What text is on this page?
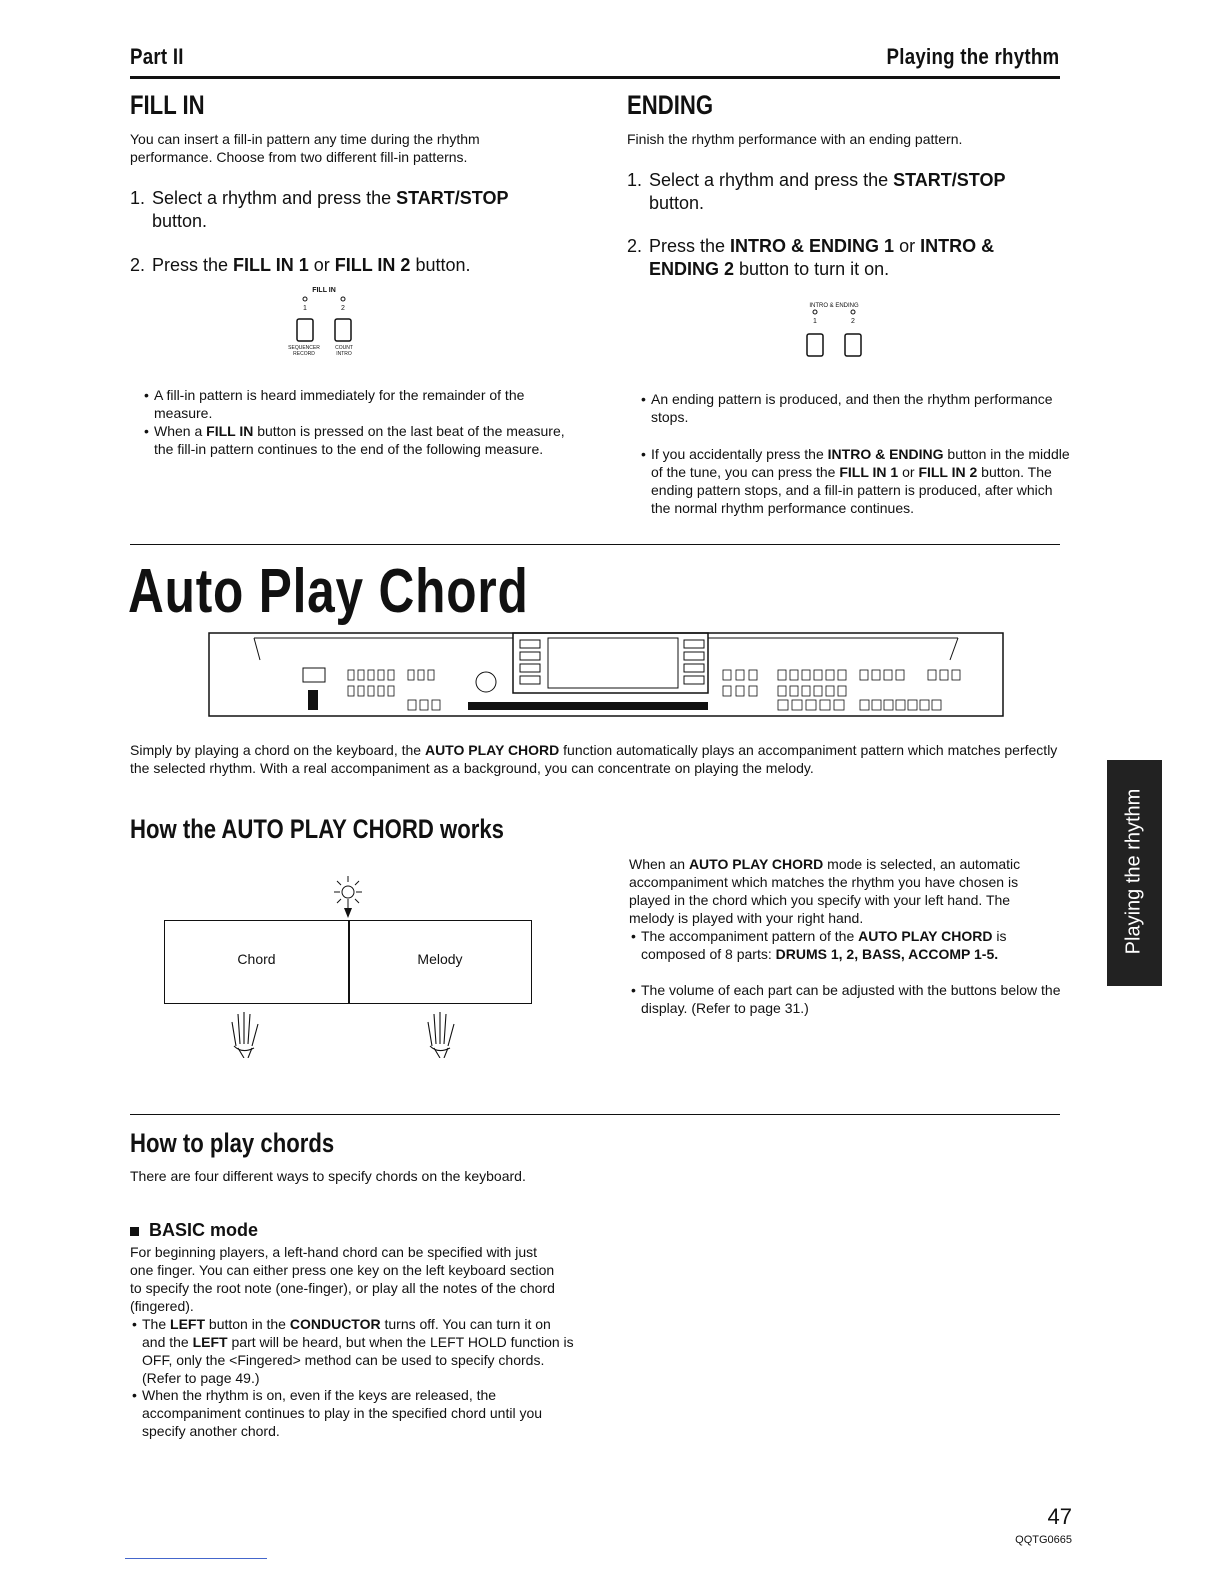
Part II	Playing the rhythm
FILL IN
You can insert a fill-in pattern any time during the rhythm performance. Choose from two different fill-in patterns.
1. Select a rhythm and press the START/STOP button.
2. Press the FILL IN 1 or FILL IN 2 button.
FILL IN
1	2
SEQUENCER RECORD
COUNT INTRO
• A fill-in pattern is heard immediately for the remainder of the measure.
• When a FILL IN button is pressed on the last beat of the measure, the fill-in pattern continues to the end of the following measure.
ENDING
Finish the rhythm performance with an ending pattern.
1. Select a rhythm and press the START/STOP button.
2. Press the INTRO & ENDING 1 or INTRO & ENDING 2 button to turn it on.
INTRO & ENDING
1	2
• An ending pattern is produced, and then the rhythm performance stops.
• If you accidentally press the INTRO & ENDING button in the middle of the tune, you can press the FILL IN 1 or FILL IN 2 button. The ending pattern stops, and a fill-in pattern is produced, after which the normal rhythm performance continues.
Auto Play Chord
Simply by playing a chord on the keyboard, the AUTO PLAY CHORD function automatically plays an accompaniment pattern which matches perfectly the selected rhythm. With a real accompaniment as a background, you can concentrate on playing the melody.
How the AUTO PLAY CHORD works
Chord	Melody
When an AUTO PLAY CHORD mode is selected, an automatic accompaniment which matches the rhythm you have chosen is played in the chord which you specify with your left hand. The melody is played with your right hand.
• The accompaniment pattern of the AUTO PLAY CHORD is composed of 8 parts: DRUMS 1, 2, BASS, ACCOMP 1-5.
• The volume of each part can be adjusted with the buttons below the display. (Refer to page 31.)
How to play chords
There are four different ways to specify chords on the keyboard.
BASIC mode
For beginning players, a left-hand chord can be specified with just one finger. You can either press one key on the left keyboard section to specify the root note (one-finger), or play all the notes of the chord (fingered).
• The LEFT button in the CONDUCTOR turns off. You can turn it on and the LEFT part will be heard, but when the LEFT HOLD function is OFF, only the <Fingered> method can be used to specify chords. (Refer to page 49.)
• When the rhythm is on, even if the keys are released, the accompaniment continues to play in the specified chord until you specify another chord.
Playing the rhythm
47
QQTG0665
